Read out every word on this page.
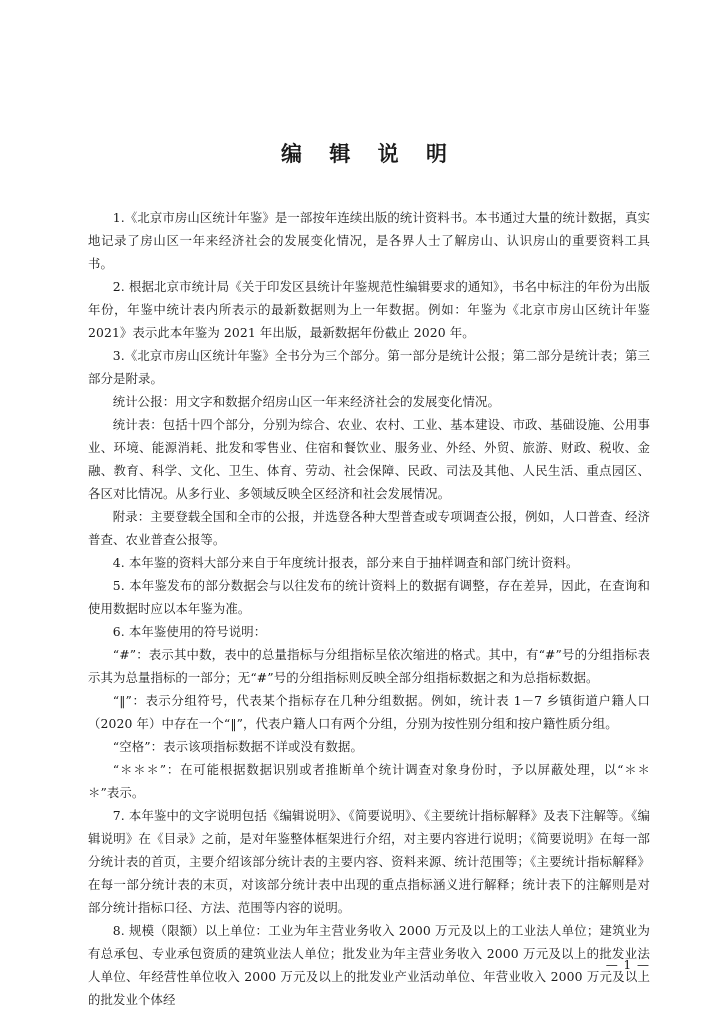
编 辑 说 明

1.《北京市房山区统计年鉴》是一部按年连续出版的统计资料书。本书通过大量的统计数据，真实地记录了房山区一年来经济社会的发展变化情况，是各界人士了解房山、认识房山的重要资料工具书。

2. 根据北京市统计局《关于印发区县统计年鉴规范性编辑要求的通知》，书名中标注的年份为出版年份，年鉴中统计表内所表示的最新数据则为上一年数据。例如：年鉴为《北京市房山区统计年鉴 2021》表示此本年鉴为 2021 年出版，最新数据年份截止 2020 年。

3.《北京市房山区统计年鉴》全书分为三个部分。第一部分是统计公报；第二部分是统计表；第三部分是附录。

统计公报：用文字和数据介绍房山区一年来经济社会的发展变化情况。

统计表：包括十四个部分，分别为综合、农业、农村、工业、基本建设、市政、基础设施、公用事业、环境、能源消耗、批发和零售业、住宿和餐饮业、服务业、外经、外贸、旅游、财政、税收、金融、教育、科学、文化、卫生、体育、劳动、社会保障、民政、司法及其他、人民生活、重点园区、各区对比情况。从多行业、多领域反映全区经济和社会发展情况。

附录：主要登载全国和全市的公报，并选登各种大型普查或专项调查公报，例如，人口普查、经济普查、农业普查公报等。

4. 本年鉴的资料大部分来自于年度统计报表，部分来自于抽样调查和部门统计资料。

5. 本年鉴发布的部分数据会与以往发布的统计资料上的数据有调整，存在差异，因此，在查询和使用数据时应以本年鉴为准。

6. 本年鉴使用的符号说明：

“#”：表示其中数，表中的总量指标与分组指标呈依次缩进的格式。其中，有“#”号的分组指标表示其为总量指标的一部分；无“#”号的分组指标则反映全部分组指标数据之和为总指标数据。

“‖”：表示分组符号，代表某个指标存在几种分组数据。例如，统计表 1－7 乡镇街道户籍人口（2020 年）中存在一个“‖”，代表户籍人口有两个分组，分别为按性别分组和按户籍性质分组。

“空格”：表示该项指标数据不详或没有数据。

“＊＊＊”：在可能根据数据识别或者推断单个统计调查对象身份时，予以屏蔽处理，以“＊＊＊”表示。

7. 本年鉴中的文字说明包括《编辑说明》、《简要说明》、《主要统计指标解释》及表下注解等。《编辑说明》在《目录》之前，是对年鉴整体框架进行介绍，对主要内容进行说明；《简要说明》在每一部分统计表的首页，主要介绍该部分统计表的主要内容、资料来源、统计范围等；《主要统计指标解释》在每一部分统计表的末页，对该部分统计表中出现的重点指标涵义进行解释；统计表下的注解则是对部分统计指标口径、方法、范围等内容的说明。

8. 规模（限额）以上单位：工业为年主营业务收入 2000 万元及以上的工业法人单位；建筑业为有总承包、专业承包资质的建筑业法人单位；批发业为年主营业务收入 2000 万元及以上的批发业法人单位、年经营性单位收入 2000 万元及以上的批发业产业活动单位、年营业收入 2000 万元及以上的批发业个体经

— 1 —
